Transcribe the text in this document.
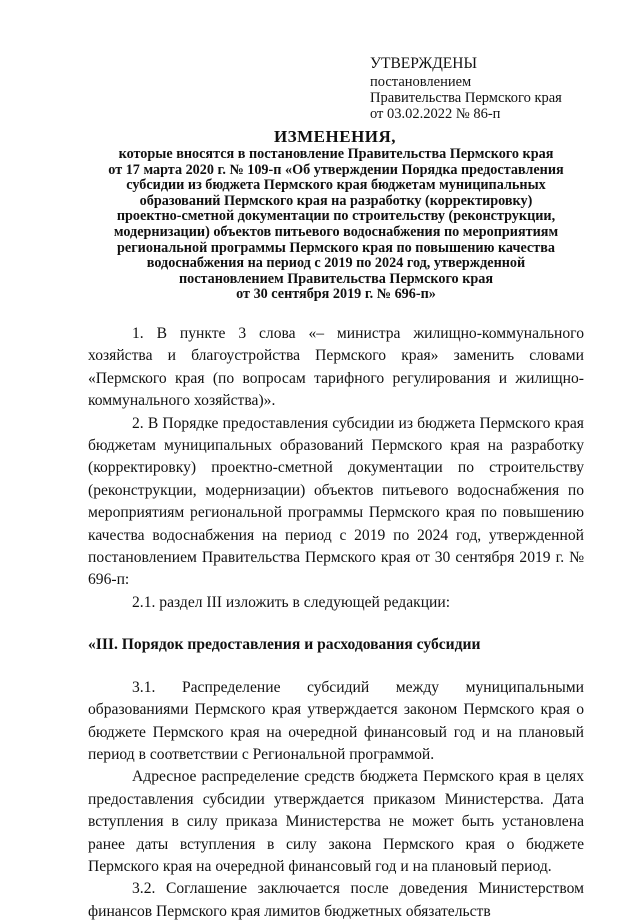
УТВЕРЖДЕНЫ
постановлением
Правительства Пермского края
от 03.02.2022 № 86-п
ИЗМЕНЕНИЯ,
которые вносятся в постановление Правительства Пермского края
от 17 марта 2020 г. № 109-п «Об утверждении Порядка предоставления
субсидии из бюджета Пермского края бюджетам муниципальных
образований Пермского края на разработку (корректировку)
проектно-сметной документации по строительству (реконструкции,
модернизации) объектов питьевого водоснабжения по мероприятиям
региональной программы Пермского края по повышению качества
водоснабжения на период с 2019 по 2024 год, утвержденной
постановлением Правительства Пермского края
от 30 сентября 2019 г. № 696-п»

1. В пункте 3 слова «– министра жилищно-коммунального хозяйства и благоустройства Пермского края» заменить словами «Пермского края (по вопросам тарифного регулирования и жилищно-коммунального хозяйства)».

2. В Порядке предоставления субсидии из бюджета Пермского края бюджетам муниципальных образований Пермского края на разработку (корректировку) проектно-сметной документации по строительству (реконструкции, модернизации) объектов питьевого водоснабжения по мероприятиям региональной программы Пермского края по повышению качества водоснабжения на период с 2019 по 2024 год, утвержденной постановлением Правительства Пермского края от 30 сентября 2019 г. № 696-п:

2.1. раздел III изложить в следующей редакции:

«III. Порядок предоставления и расходования субсидии

3.1. Распределение субсидий между муниципальными образованиями Пермского края утверждается законом Пермского края о бюджете Пермского края на очередной финансовый год и на плановый период в соответствии с Региональной программой.

Адресное распределение средств бюджета Пермского края в целях предоставления субсидии утверждается приказом Министерства. Дата вступления в силу приказа Министерства не может быть установлена ранее даты вступления в силу закона Пермского края о бюджете Пермского края на очередной финансовый год и на плановый период.

3.2. Соглашение заключается после доведения Министерством финансов Пермского края лимитов бюджетных обязательств
